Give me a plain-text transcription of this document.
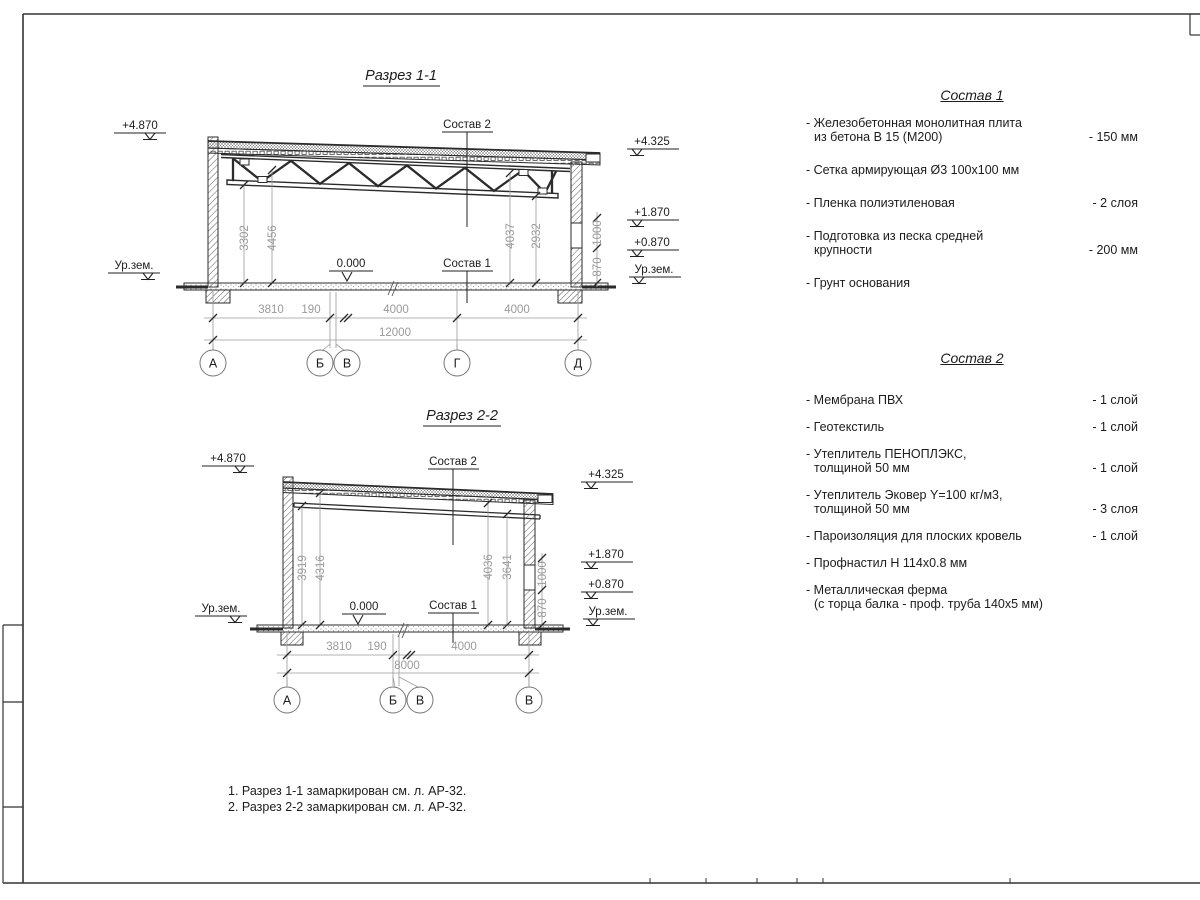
Разрез 1-1
3302 4456	4037 2932	1000
870
+4.870
Ур.зем.
+4.325
+1.870
+0.870
Ур.зем.
0.000
Состав 2
Состав 1
3810 190	4000	4000
12000
А	Б В	Г	Д
Разрез 2-2
3919 4316	4036 3641 1000
870
+4.870
Ур.зем.
+4.325
+1.870
+0.870
Ур.зем.
0.000
Состав 2
Состав 1
3810 190	4000
8000
А	Б В	В
Состав 1
- Железобетонная монолитная плита
из бетона В 15 (М200)	- 150 мм
- Сетка армирующая Ø3 100х100 мм
- Пленка полиэтиленовая	- 2 слоя
- Подготовка из песка средней
крупности	- 200 мм
- Грунт основания
Состав 2
- Мембрана ПВХ	- 1 слой
- Геотекстиль	- 1 слой
- Утеплитель ПЕНОПЛЭКС,
толщиной 50 мм	- 1 слой
- Утеплитель Эковер Y=100 кг/м3,
толщиной 50 мм	- 3 слоя
- Пароизоляция для плоских кровель	- 1 слой
- Профнастил Н 114х0.8 мм
- Металлическая ферма
(с торца балка - проф. труба 140х5 мм)
1. Разрез 1-1 замаркирован см. л. АР-32.
2. Разрез 2-2 замаркирован см. л. АР-32.
